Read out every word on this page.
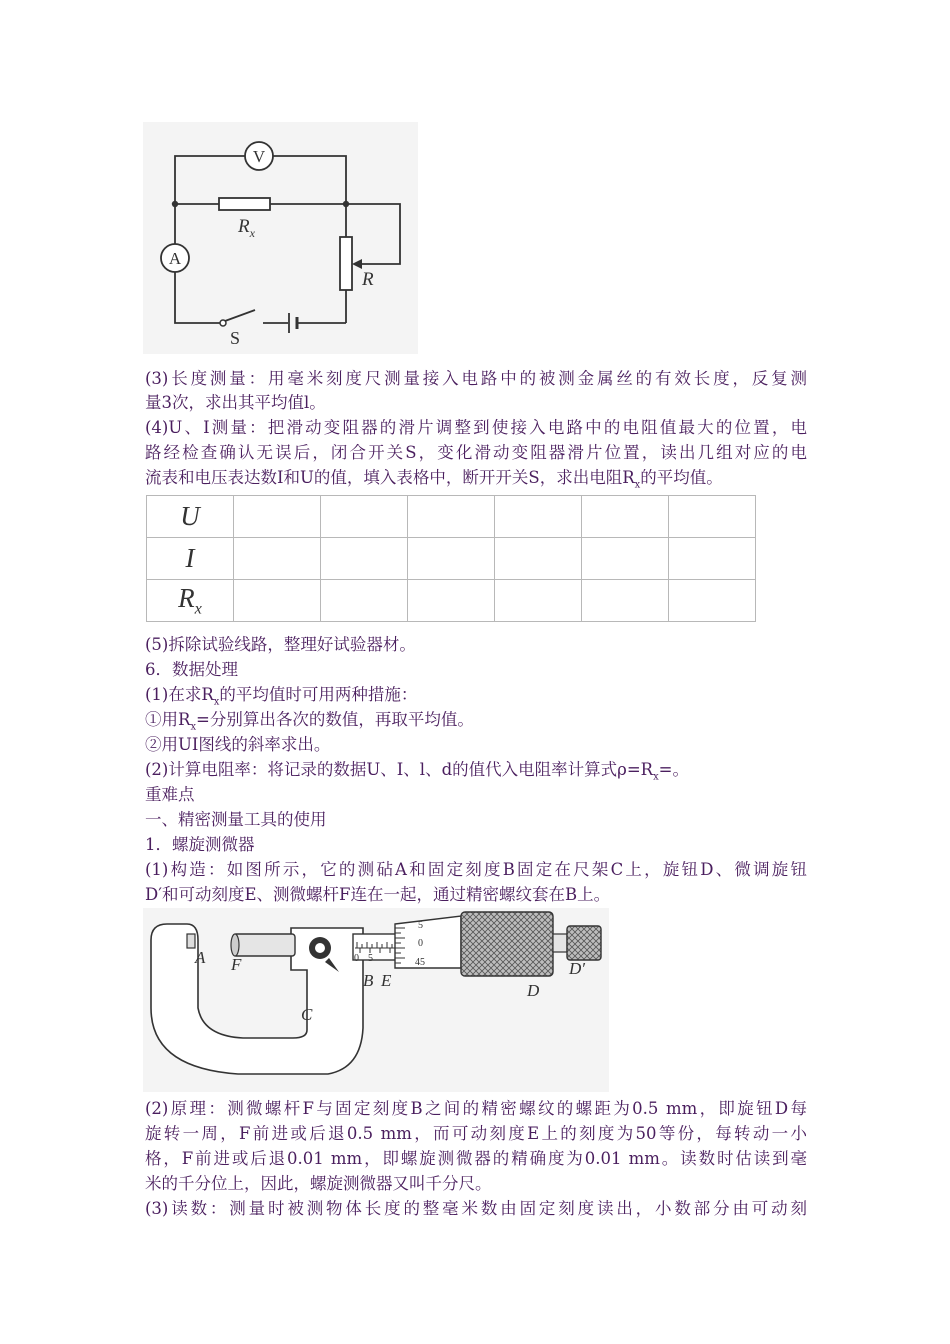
V
A
$R_x$
R
S
(3)长度测量：用毫米刻度尺测量接入电路中的被测金属丝的有效长度，反复测
量3次，求出其平均值l。
(4)U、I测量：把滑动变阻器的滑片调整到使接入电路中的电阻值最大的位置，电
路经检查确认无误后，闭合开关S，变化滑动变阻器滑片位置，读出几组对应的电
流表和电压表达数I和U的值，填入表格中，断开开关S，求出电阻$R_x$的平均值。
U						
I						
$R_x$						
(5)拆除试验线路，整理好试验器材。
6．数据处理
(1)在求$R_x$的平均值时可用两种措施：
①用$R_x=$分别算出各次的数值，再取平均值。
②用UI图线的斜率求出。
(2)计算电阻率：将记录的数据U、I、l、d的值代入电阻率计算式$\rho=R_x=$。
重难点
一、精密测量工具的使用
1．螺旋测微器
(1)构造：如图所示，它的测砧A和固定刻度B固定在尺架C上，旋钮D、微调旋钮
D′和可动刻度E、测微螺杆F连在一起，通过精密螺纹套在B上。
0 5
5
0
45
A F
C
B E
D
D′
(2)原理：测微螺杆F与固定刻度B之间的精密螺纹的螺距为0.5 mm，即旋钮D每
旋转一周，F前进或后退0.5 mm，而可动刻度E上的刻度为50等份，每转动一小
格，F前进或后退0.01 mm，即螺旋测微器的精确度为0.01 mm。读数时估读到毫
米的千分位上，因此，螺旋测微器又叫千分尺。
(3)读数：测量时被测物体长度的整毫米数由固定刻度读出，小数部分由可动刻
